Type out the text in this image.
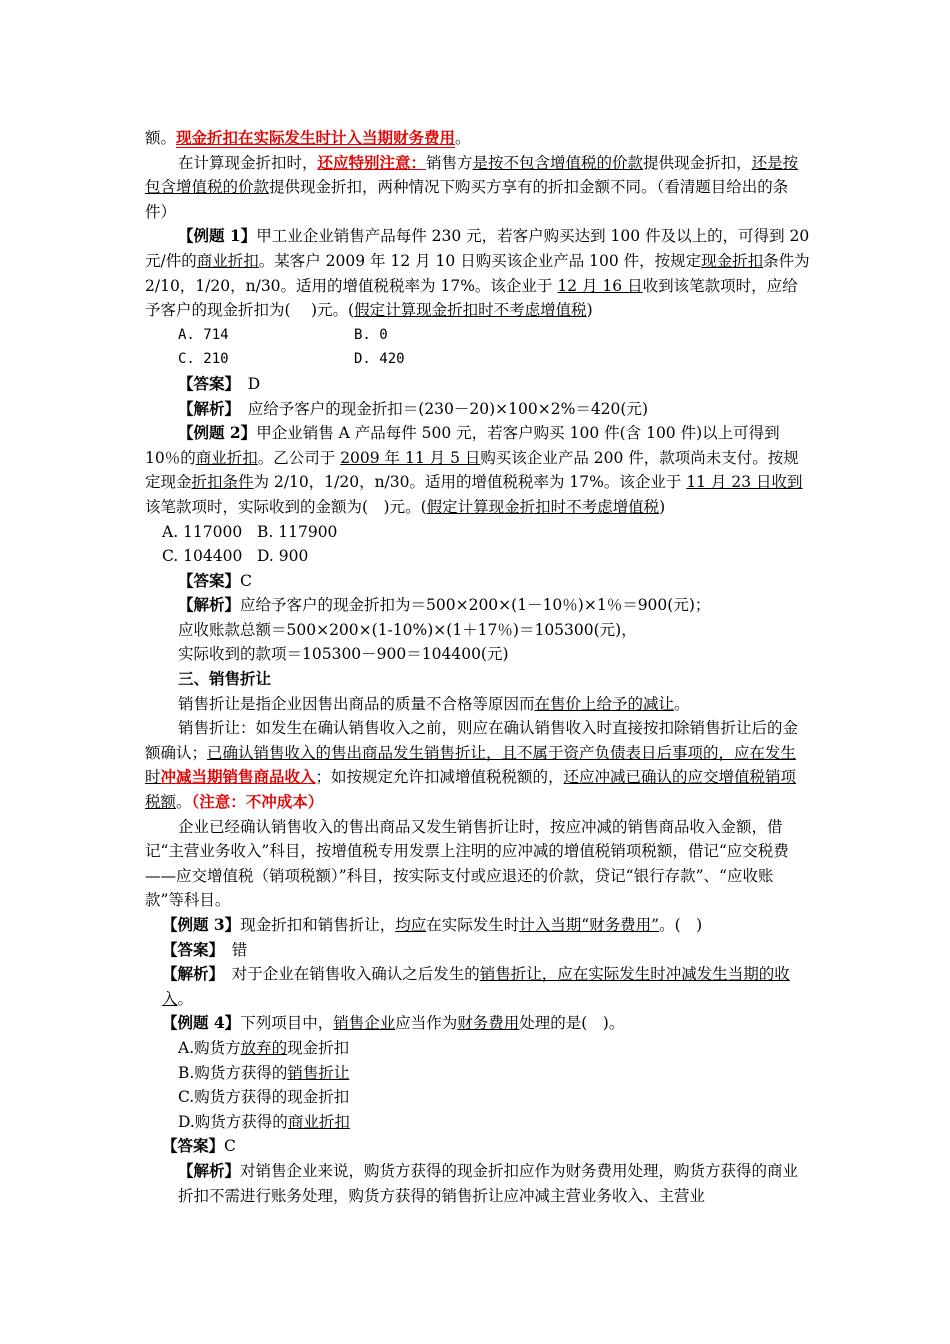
额。现金折扣在实际发生时计入当期财务费用。

在计算现金折扣时，还应特别注意：销售方是按不包含增值税的价款提供现金折扣，还是按包含增值税的价款提供现金折扣，两种情况下购买方享有的折扣金额不同。（看清题目给出的条件）

【例题 1】甲工业企业销售产品每件 230 元，若客户购买达到 100 件及以上的，可得到 20 元/件的商业折扣。某客户 2009 年 12 月 10 日购买该企业产品 100 件，按规定现金折扣条件为 2/10，1/20，n/30。适用的增值税税率为 17%。该企业于 12 月 16 日收到该笔款项时，应给予客户的现金折扣为(　 )元。(假定计算现金折扣时不考虑增值税)

A. 714	B. 0

C. 210	D. 420

【答案】　D

【解析】　应给予客户的现金折扣＝(230－20)×100×2%＝420(元)

【例题 2】甲企业销售 A 产品每件 500 元，若客户购买 100 件(含 100 件)以上可得到 10％的商业折扣。乙公司于 2009 年 11 月 5 日购买该企业产品 200 件，款项尚未支付。按规定现金折扣条件为 2/10，1/20，n/30。适用的增值税税率为 17%。该企业于 11 月 23 日收到该笔款项时，实际收到的金额为(　)元。(假定计算现金折扣时不考虑增值税)

A. 117000 B. 117900

C. 104400 D. 900

【答案】C

【解析】应给予客户的现金折扣为＝500×200×(1－10％)×1％＝900(元)；

应收账款总额＝500×200×(1-10%)×(1＋17％)＝105300(元)，

实际收到的款项＝105300－900＝104400(元)

三、销售折让

销售折让是指企业因售出商品的质量不合格等原因而在售价上给予的减让。

销售折让：如发生在确认销售收入之前，则应在确认销售收入时直接按扣除销售折让后的金额确认；已确认销售收入的售出商品发生销售折让，且不属于资产负债表日后事项的，应在发生时冲减当期销售商品收入；如按规定允许扣减增值税税额的，还应冲减已确认的应交增值税销项税额。（注意：不冲成本）

企业已经确认销售收入的售出商品又发生销售折让时，按应冲减的销售商品收入金额，借记“主营业务收入”科目，按增值税专用发票上注明的应冲减的增值税销项税额，借记“应交税费——应交增值税（销项税额）”科目，按实际支付或应退还的价款，贷记“银行存款”、“应收账款”等科目。

【例题 3】现金折扣和销售折让，均应在实际发生时计入当期“财务费用”。(　)

【答案】　错

【解析】　对于企业在销售收入确认之后发生的销售折让，应在实际发生时冲减发生当期的收入。

【例题 4】下列项目中，销售企业应当作为财务费用处理的是(　)。

A.购货方放弃的现金折扣

B.购货方获得的销售折让

C.购货方获得的现金折扣

D.购货方获得的商业折扣

【答案】C

【解析】对销售企业来说，购货方获得的现金折扣应作为财务费用处理，购货方获得的商业折扣不需进行账务处理，购货方获得的销售折让应冲减主营业务收入、主营业
